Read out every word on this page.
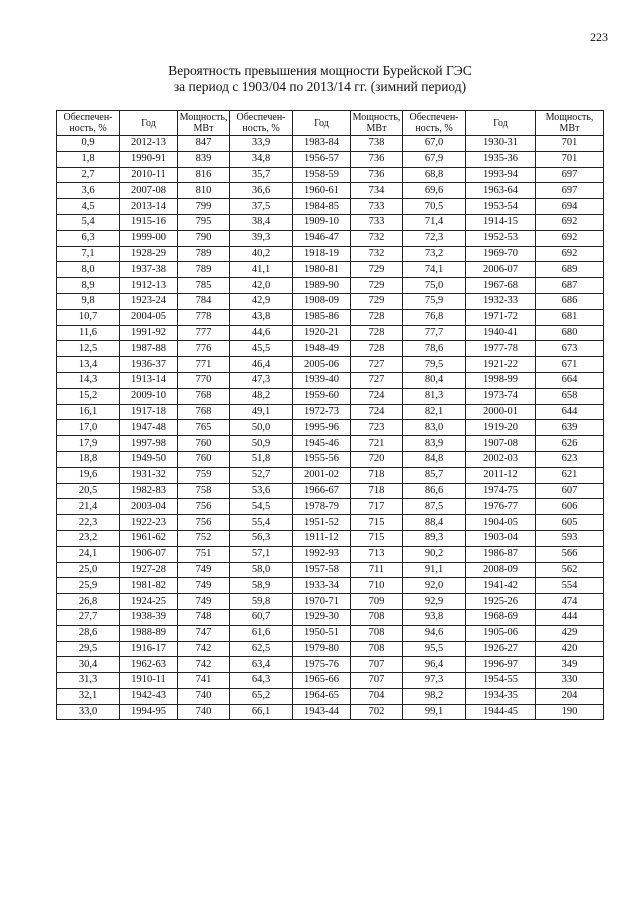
223
Вероятность превышения мощности Бурейской ГЭС
за период с 1903/04 по 2013/14 гг. (зимний период)
Обеспечен-ность, %	Год	Мощность, МВт	Обеспечен-ность, %	Год	Мощность, МВт	Обеспечен-ность, %	Год	Мощность, МВт
0,9	2012-13	847	33,9	1983-84	738	67,0	1930-31	701
1,8	1990-91	839	34,8	1956-57	736	67,9	1935-36	701
2,7	2010-11	816	35,7	1958-59	736	68,8	1993-94	697
3,6	2007-08	810	36,6	1960-61	734	69,6	1963-64	697
4,5	2013-14	799	37,5	1984-85	733	70,5	1953-54	694
5,4	1915-16	795	38,4	1909-10	733	71,4	1914-15	692
6,3	1999-00	790	39,3	1946-47	732	72,3	1952-53	692
7,1	1928-29	789	40,2	1918-19	732	73,2	1969-70	692
8,0	1937-38	789	41,1	1980-81	729	74,1	2006-07	689
8,9	1912-13	785	42,0	1989-90	729	75,0	1967-68	687
9,8	1923-24	784	42,9	1908-09	729	75,9	1932-33	686
10,7	2004-05	778	43,8	1985-86	728	76,8	1971-72	681
11,6	1991-92	777	44,6	1920-21	728	77,7	1940-41	680
12,5	1987-88	776	45,5	1948-49	728	78,6	1977-78	673
13,4	1936-37	771	46,4	2005-06	727	79,5	1921-22	671
14,3	1913-14	770	47,3	1939-40	727	80,4	1998-99	664
15,2	2009-10	768	48,2	1959-60	724	81,3	1973-74	658
16,1	1917-18	768	49,1	1972-73	724	82,1	2000-01	644
17,0	1947-48	765	50,0	1995-96	723	83,0	1919-20	639
17,9	1997-98	760	50,9	1945-46	721	83,9	1907-08	626
18,8	1949-50	760	51,8	1955-56	720	84,8	2002-03	623
19,6	1931-32	759	52,7	2001-02	718	85,7	2011-12	621
20,5	1982-83	758	53,6	1966-67	718	86,6	1974-75	607
21,4	2003-04	756	54,5	1978-79	717	87,5	1976-77	606
22,3	1922-23	756	55,4	1951-52	715	88,4	1904-05	605
23,2	1961-62	752	56,3	1911-12	715	89,3	1903-04	593
24,1	1906-07	751	57,1	1992-93	713	90,2	1986-87	566
25,0	1927-28	749	58,0	1957-58	711	91,1	2008-09	562
25,9	1981-82	749	58,9	1933-34	710	92,0	1941-42	554
26,8	1924-25	749	59,8	1970-71	709	92,9	1925-26	474
27,7	1938-39	748	60,7	1929-30	708	93,8	1968-69	444
28,6	1988-89	747	61,6	1950-51	708	94,6	1905-06	429
29,5	1916-17	742	62,5	1979-80	708	95,5	1926-27	420
30,4	1962-63	742	63,4	1975-76	707	96,4	1996-97	349
31,3	1910-11	741	64,3	1965-66	707	97,3	1954-55	330
32,1	1942-43	740	65,2	1964-65	704	98,2	1934-35	204
33,0	1994-95	740	66,1	1943-44	702	99,1	1944-45	190
